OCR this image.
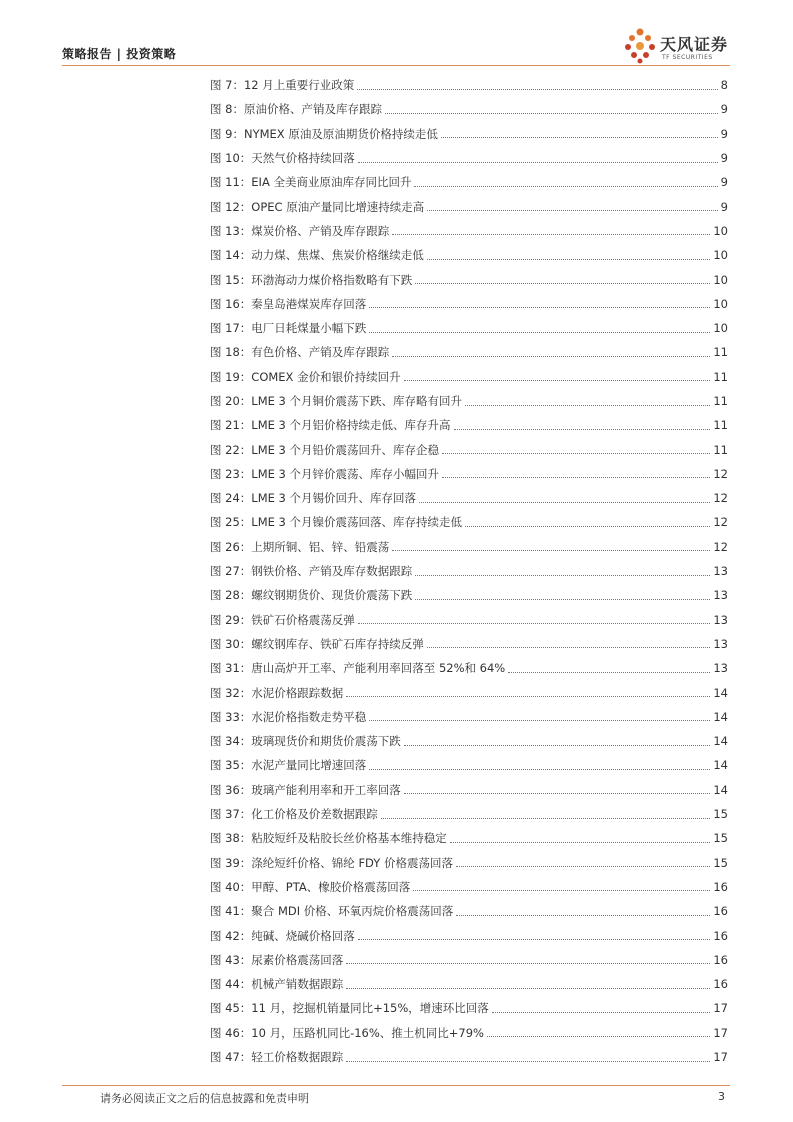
策略报告 | 投资策略	天风证券
TF SECURITIES
图 7：12 月上重要行业政策	8
图 8：原油价格、产销及库存跟踪	9
图 9：NYMEX 原油及原油期货价格持续走低	9
图 10：天然气价格持续回落	9
图 11：EIA 全美商业原油库存同比回升	9
图 12：OPEC 原油产量同比增速持续走高	9
图 13：煤炭价格、产销及库存跟踪	10
图 14：动力煤、焦煤、焦炭价格继续走低	10
图 15：环渤海动力煤价格指数略有下跌	10
图 16：秦皇岛港煤炭库存回落	10
图 17：电厂日耗煤量小幅下跌	10
图 18：有色价格、产销及库存跟踪	11
图 19：COMEX 金价和银价持续回升	11
图 20：LME 3 个月铜价震荡下跌、库存略有回升	11
图 21：LME 3 个月铝价格持续走低、库存升高	11
图 22：LME 3 个月铅价震荡回升、库存企稳	11
图 23：LME 3 个月锌价震荡、库存小幅回升	12
图 24：LME 3 个月锡价回升、库存回落	12
图 25：LME 3 个月镍价震荡回落、库存持续走低	12
图 26：上期所铜、铝、锌、铅震荡	12
图 27：钢铁价格、产销及库存数据跟踪	13
图 28：螺纹钢期货价、现货价震荡下跌	13
图 29：铁矿石价格震荡反弹	13
图 30：螺纹钢库存、铁矿石库存持续反弹	13
图 31：唐山高炉开工率、产能利用率回落至 52%和 64%	13
图 32：水泥价格跟踪数据	14
图 33：水泥价格指数走势平稳	14
图 34：玻璃现货价和期货价震荡下跌	14
图 35：水泥产量同比增速回落	14
图 36：玻璃产能利用率和开工率回落	14
图 37：化工价格及价差数据跟踪	15
图 38：粘胶短纤及粘胶长丝价格基本维持稳定	15
图 39：涤纶短纤价格、锦纶 FDY 价格震荡回落	15
图 40：甲醇、PTA、橡胶价格震荡回落	16
图 41：聚合 MDI 价格、环氧丙烷价格震荡回落	16
图 42：纯碱、烧碱价格回落	16
图 43：尿素价格震荡回落	16
图 44：机械产销数据跟踪	16
图 45：11 月，挖掘机销量同比+15%，增速环比回落	17
图 46：10 月，压路机同比-16%、推土机同比+79%	17
图 47：轻工价格数据跟踪	17
请务必阅读正文之后的信息披露和免责申明	3
